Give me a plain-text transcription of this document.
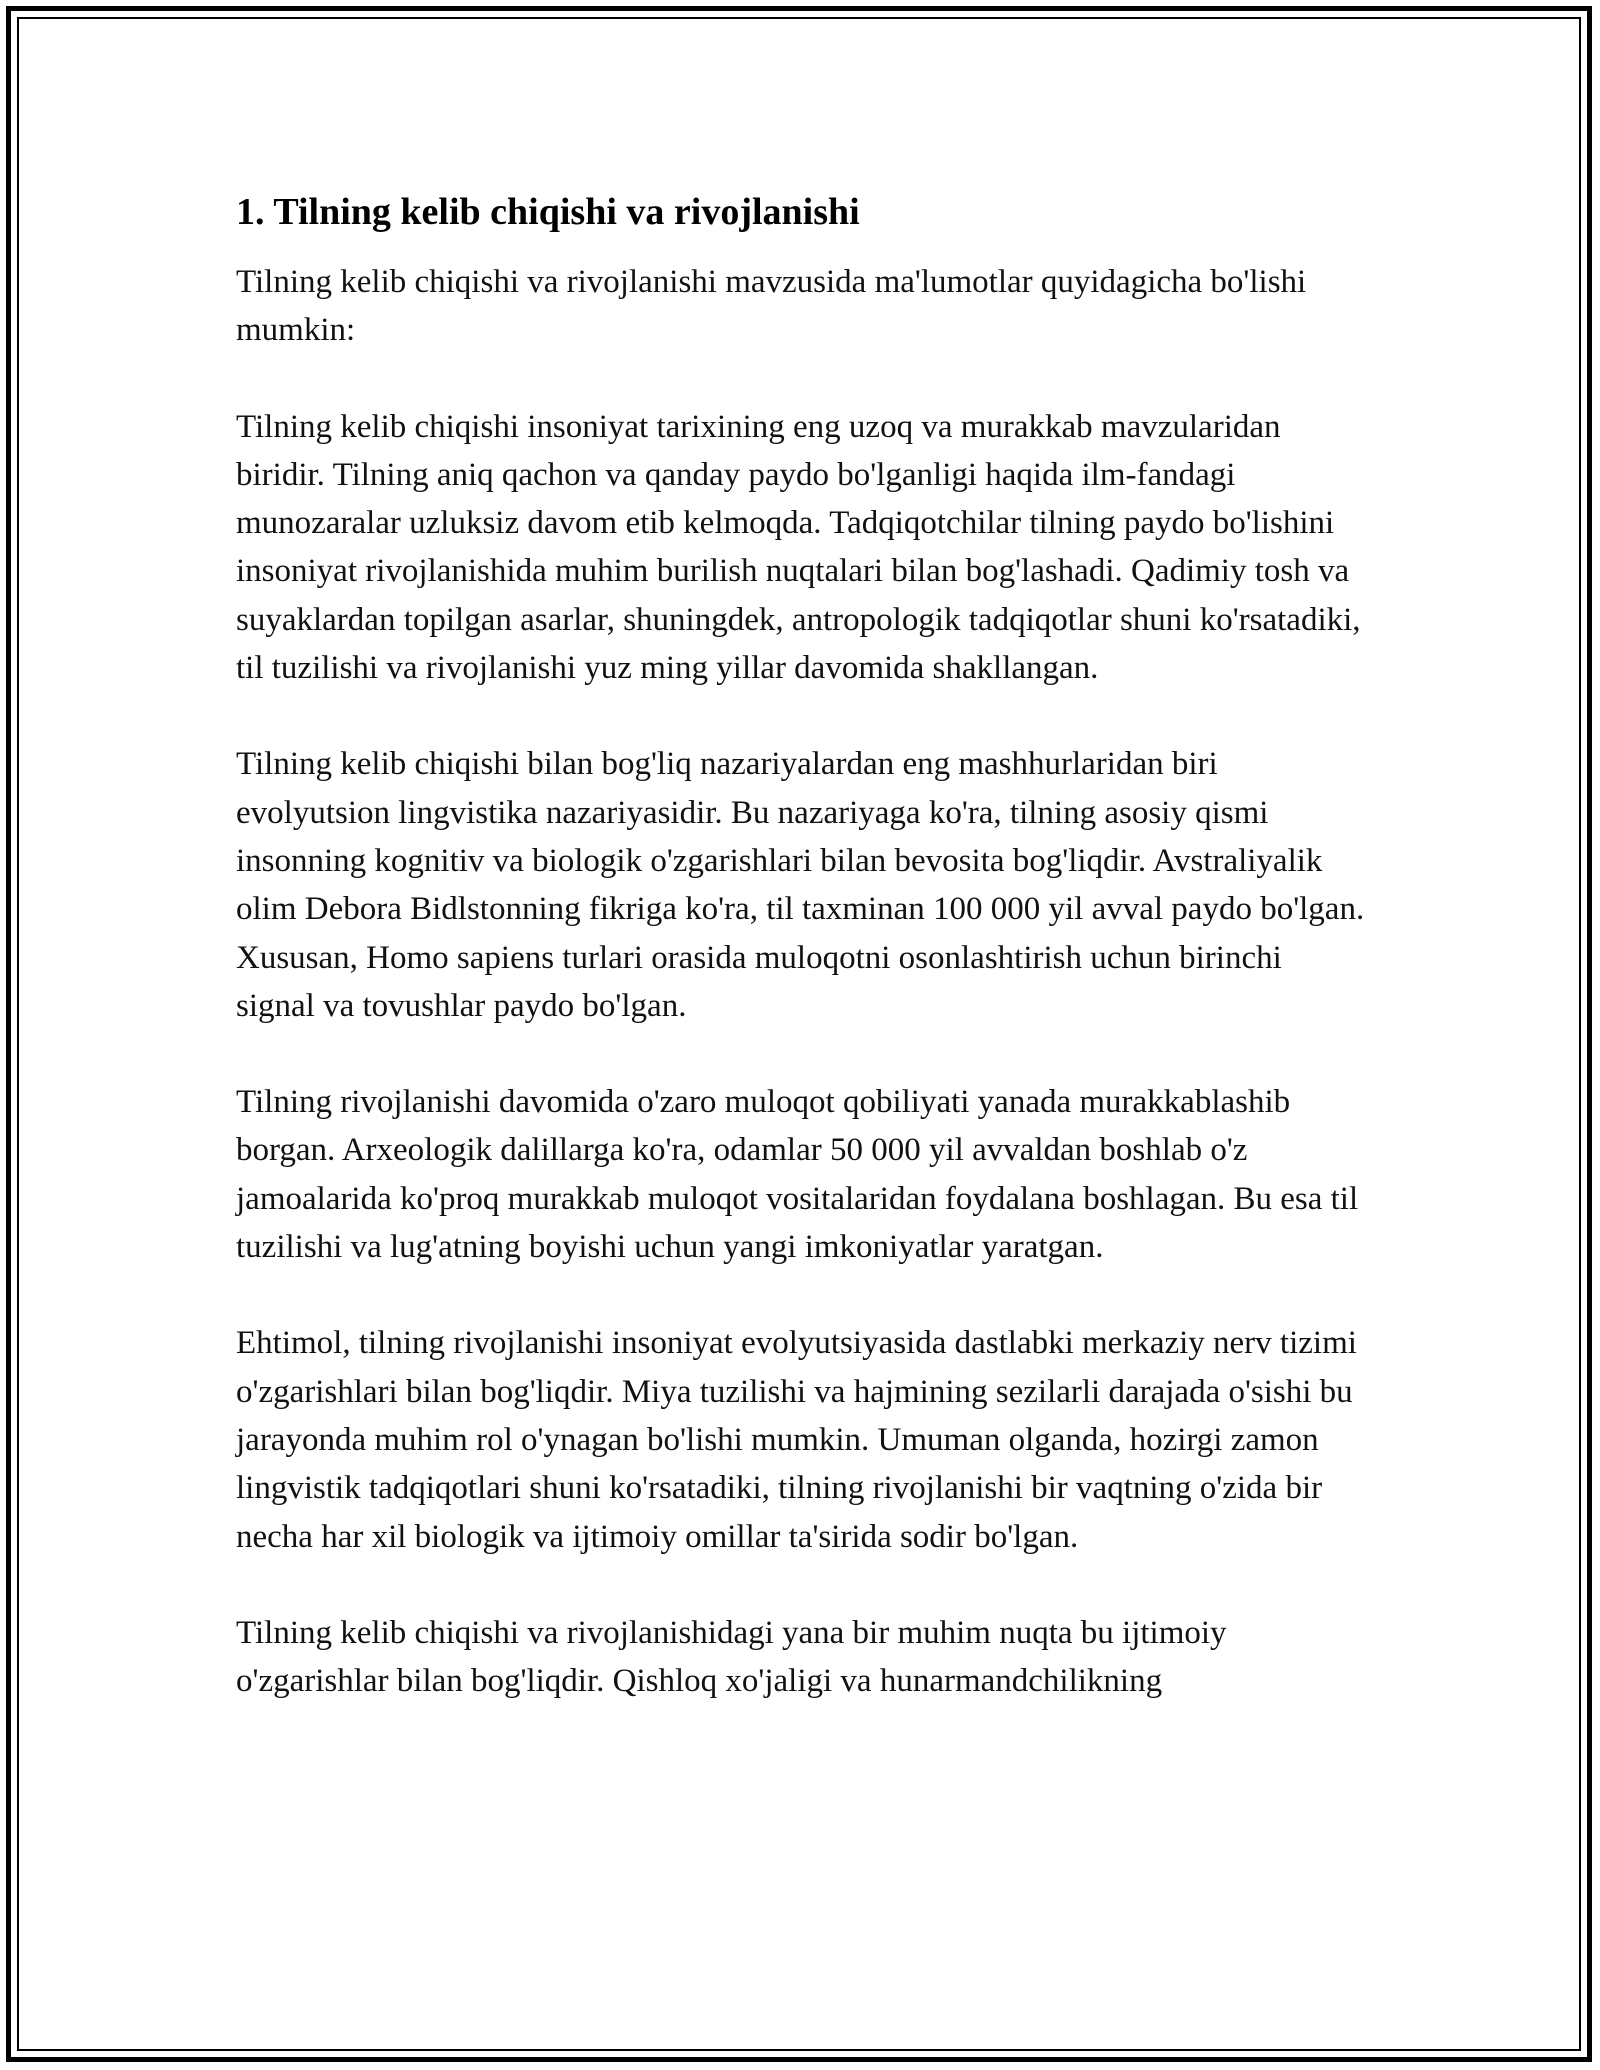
1. Tilning kelib chiqishi va rivojlanishi

Tilning kelib chiqishi va rivojlanishi mavzusida ma'lumotlar quyidagicha bo'lishi mumkin:

Tilning kelib chiqishi insoniyat tarixining eng uzoq va murakkab mavzularidan biridir. Tilning aniq qachon va qanday paydo bo'lganligi haqida ilm-fandagi munozaralar uzluksiz davom etib kelmoqda. Tadqiqotchilar tilning paydo bo'lishini insoniyat rivojlanishida muhim burilish nuqtalari bilan bog'lashadi. Qadimiy tosh va suyaklardan topilgan asarlar, shuningdek, antropologik tadqiqotlar shuni ko'rsatadiki, til tuzilishi va rivojlanishi yuz ming yillar davomida shakllangan.

Tilning kelib chiqishi bilan bog'liq nazariyalardan eng mashhurlaridan biri evolyutsion lingvistika nazariyasidir. Bu nazariyaga ko'ra, tilning asosiy qismi insonning kognitiv va biologik o'zgarishlari bilan bevosita bog'liqdir. Avstraliyalik olim Debora Bidlstonning fikriga ko'ra, til taxminan 100 000 yil avval paydo bo'lgan. Xususan, Homo sapiens turlari orasida muloqotni osonlashtirish uchun birinchi signal va tovushlar paydo bo'lgan.

Tilning rivojlanishi davomida o'zaro muloqot qobiliyati yanada murakkablashib borgan. Arxeologik dalillarga ko'ra, odamlar 50 000 yil avvaldan boshlab o'z jamoalarida ko'proq murakkab muloqot vositalaridan foydalana boshlagan. Bu esa til tuzilishi va lug'atning boyishi uchun yangi imkoniyatlar yaratgan.

Ehtimol, tilning rivojlanishi insoniyat evolyutsiyasida dastlabki merkaziy nerv tizimi o'zgarishlari bilan bog'liqdir. Miya tuzilishi va hajmining sezilarli darajada o'sishi bu jarayonda muhim rol o'ynagan bo'lishi mumkin. Umuman olganda, hozirgi zamon lingvistik tadqiqotlari shuni ko'rsatadiki, tilning rivojlanishi bir vaqtning o'zida bir necha har xil biologik va ijtimoiy omillar ta'sirida sodir bo'lgan.

Tilning kelib chiqishi va rivojlanishidagi yana bir muhim nuqta bu ijtimoiy o'zgarishlar bilan bog'liqdir. Qishloq xo'jaligi va hunarmandchilikning
